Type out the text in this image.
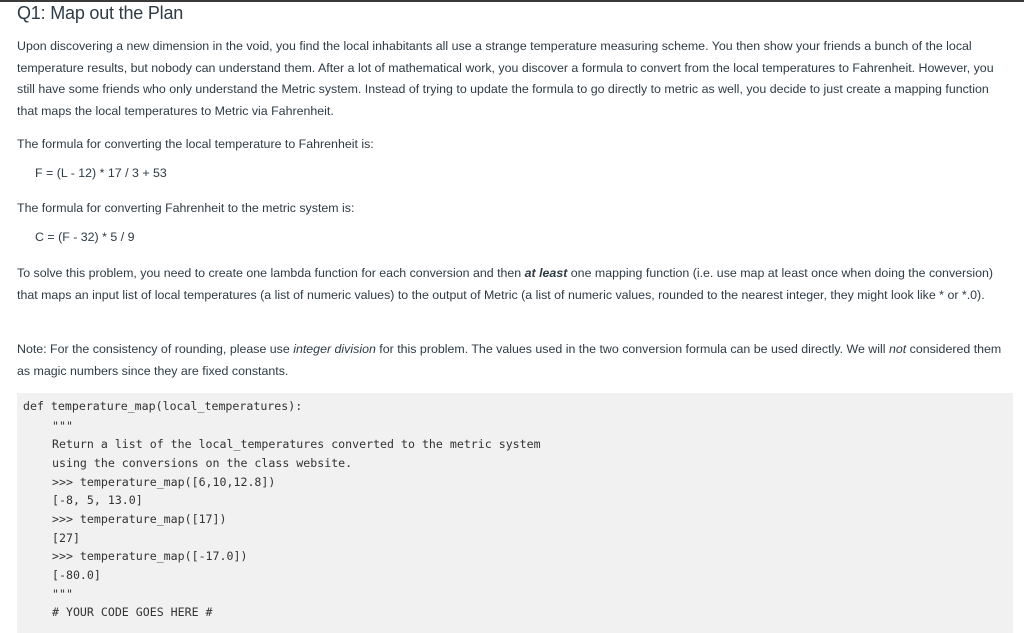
Q1: Map out the Plan

Upon discovering a new dimension in the void, you find the local inhabitants all use a strange temperature measuring scheme. You then show your friends a bunch of the local temperature results, but nobody can understand them. After a lot of mathematical work, you discover a formula to convert from the local temperatures to Fahrenheit. However, you still have some friends who only understand the Metric system. Instead of trying to update the formula to go directly to metric as well, you decide to just create a mapping function that maps the local temperatures to Metric via Fahrenheit.

The formula for converting the local temperature to Fahrenheit is:

F = (L - 12) * 17 / 3 + 53

The formula for converting Fahrenheit to the metric system is:

C = (F - 32) * 5 / 9

To solve this problem, you need to create one lambda function for each conversion and then at least one mapping function (i.e. use map at least once when doing the conversion) that maps an input list of local temperatures (a list of numeric values) to the output of Metric (a list of numeric values, rounded to the nearest integer, they might look like * or *.0).

Note: For the consistency of rounding, please use integer division for this problem. The values used in the two conversion formula can be used directly. We will not considered them as magic numbers since they are fixed constants.

def temperature_map(local_temperatures):
"""
Return a list of the local_temperatures converted to the metric system
using the conversions on the class website.
>>> temperature_map([6,10,12.8])
[-8, 5, 13.0]
>>> temperature_map([17])
[27]
>>> temperature_map([-17.0])
[-80.0]
"""
# YOUR CODE GOES HERE #
